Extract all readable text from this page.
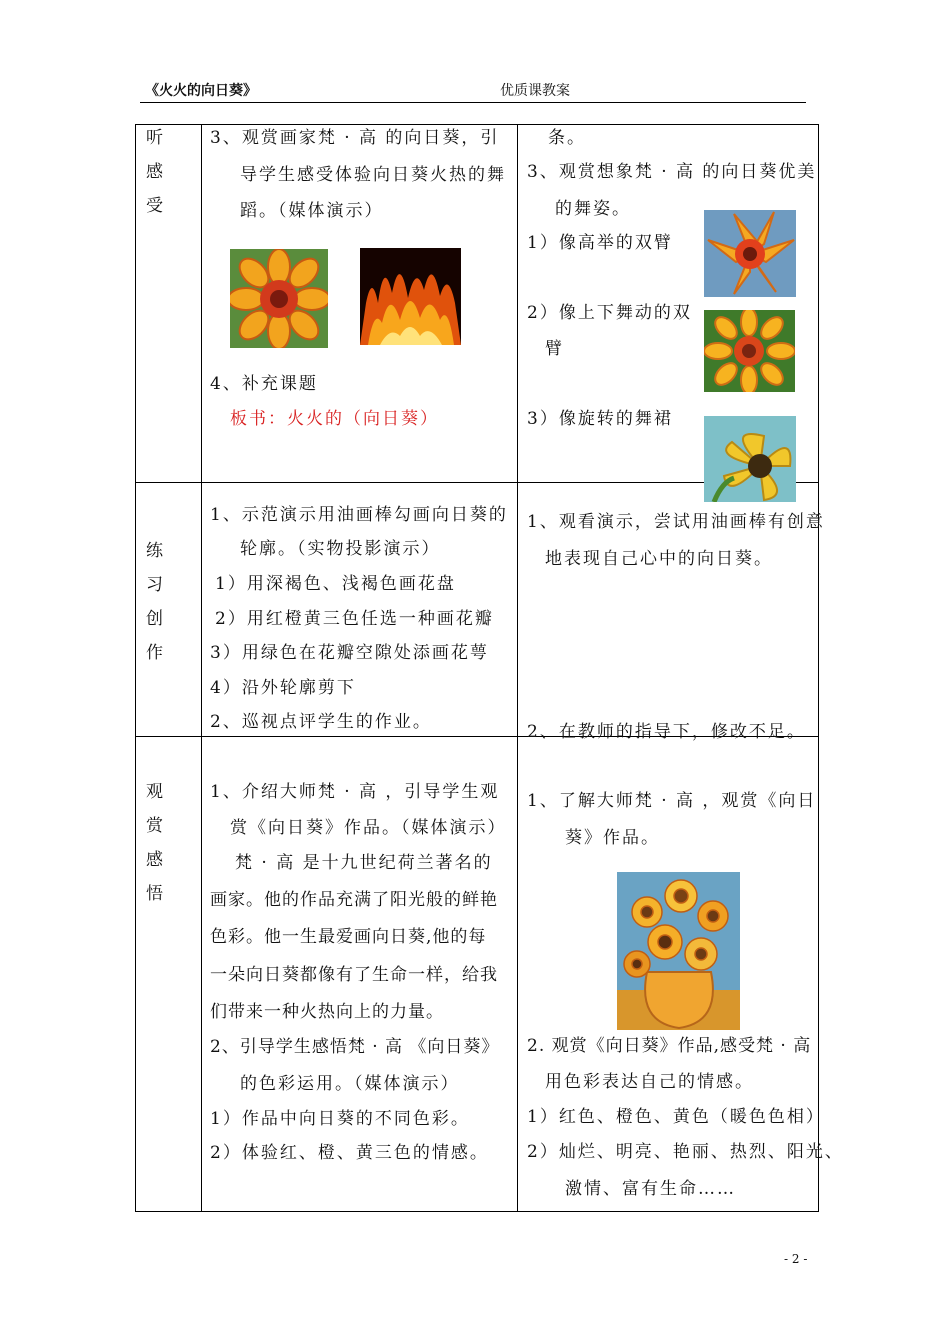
《火火的向日葵》	优质课教案
听
感
受
3、观赏画家梵 · 高 的向日葵，引
导学生感受体验向日葵火热的舞
蹈。（媒体演示）
4、补充课题
板书：火火的（向日葵）
条。
3、观赏想象梵 · 高 的向日葵优美
的舞姿。
1）像高举的双臂
2）像上下舞动的双
臂
3）像旋转的舞裙
练
习
创
作
1、示范演示用油画棒勾画向日葵的
轮廓。（实物投影演示）
1）用深褐色、浅褐色画花盘
2）用红橙黄三色任选一种画花瓣
3）用绿色在花瓣空隙处添画花萼
4）沿外轮廓剪下
2、巡视点评学生的作业。
1、观看演示，尝试用油画棒有创意
地表现自己心中的向日葵。
2、在教师的指导下，修改不足。
观
赏
感
悟
1、介绍大师梵 · 高 ，引导学生观
赏《向日葵》作品。（媒体演示）
梵 · 高 是十九世纪荷兰著名的
画家。他的作品充满了阳光般的鲜艳
色彩。他一生最爱画向日葵,他的每
一朵向日葵都像有了生命一样，给我
们带来一种火热向上的力量。
2、引导学生感悟梵 · 高 《向日葵》
的色彩运用。（媒体演示）
1）作品中向日葵的不同色彩。
2）体验红、橙、黄三色的情感。
1、了解大师梵 · 高 ，观赏《向日
葵》作品。
2. 观赏《向日葵》作品,感受梵 · 高
用色彩表达自己的情感。
1）红色、橙色、黄色（暖色色相）
2）灿烂、明亮、艳丽、热烈、阳光、
激情、富有生命……
- 2 -
